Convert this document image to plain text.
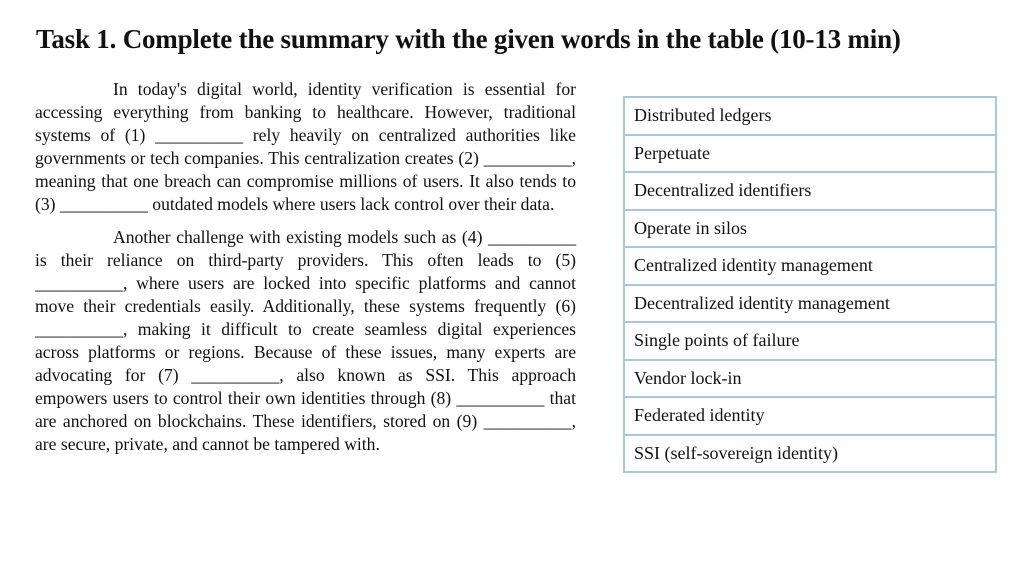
Task 1. Complete the summary with the given words in the table (10-13 min)

In today's digital world, identity verification is essential for accessing everything from banking to healthcare. However, traditional systems of (1) __________ rely heavily on centralized authorities like governments or tech companies. This centralization creates (2) __________, meaning that one breach can compromise millions of users. It also tends to (3) __________ outdated models where users lack control over their data.

Another challenge with existing models such as (4) __________ is their reliance on third-party providers. This often leads to (5) __________, where users are locked into specific platforms and cannot move their credentials easily. Additionally, these systems frequently (6) __________, making it difficult to create seamless digital experiences across platforms or regions. Because of these issues, many experts are advocating for (7) __________, also known as SSI. This approach empowers users to control their own identities through (8) __________ that are anchored on blockchains. These identifiers, stored on (9) __________, are secure, private, and cannot be tampered with.

Distributed ledgers
Perpetuate
Decentralized identifiers
Operate in silos
Centralized identity management
Decentralized identity management
Single points of failure
Vendor lock-in
Federated identity
SSI (self-sovereign identity)
